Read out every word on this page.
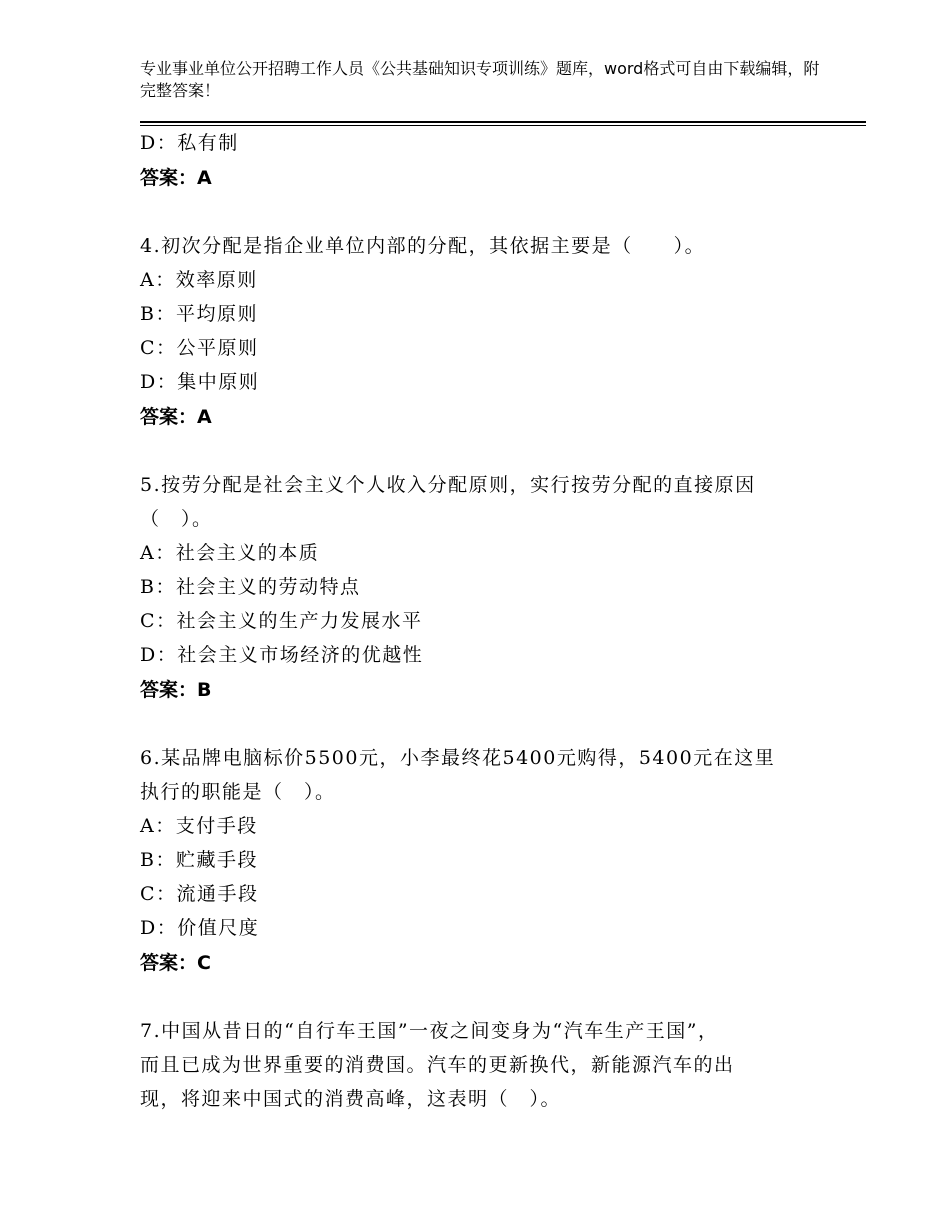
专业事业单位公开招聘工作人员《公共基础知识专项训练》题库，word格式可自由下载编辑，附完整答案！
D：私有制
答案：A
4.初次分配是指企业单位内部的分配，其依据主要是（　　）。
A：效率原则
B：平均原则
C：公平原则
D：集中原则
答案：A
5.按劳分配是社会主义个人收入分配原则，实行按劳分配的直接原因
（　）。
A：社会主义的本质
B：社会主义的劳动特点
C：社会主义的生产力发展水平
D：社会主义市场经济的优越性
答案：B
6.某品牌电脑标价5500元，小李最终花5400元购得，5400元在这里
执行的职能是（　）。
A：支付手段
B：贮藏手段
C：流通手段
D：价值尺度
答案：C
7.中国从昔日的“自行车王国”一夜之间变身为“汽车生产王国”，
而且已成为世界重要的消费国。汽车的更新换代，新能源汽车的出
现，将迎来中国式的消费高峰，这表明（　）。
